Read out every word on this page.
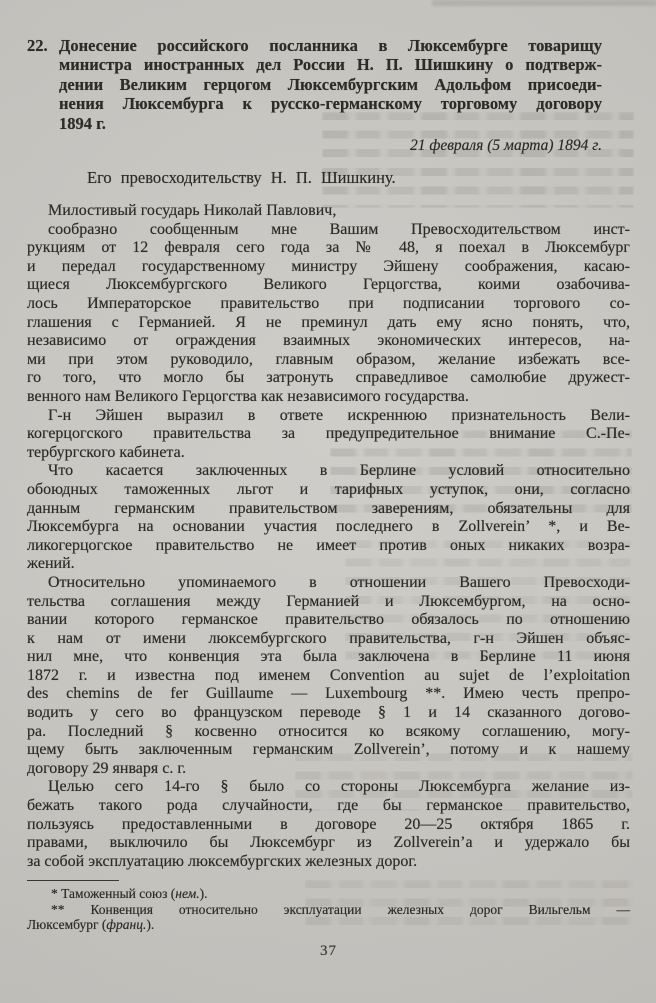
22. Донесение российского посланника в Люксембурге товарищу
министра иностранных дел России Н. П. Шишкину о подтверж-
дении Великим герцогом Люксембургским Адольфом присоеди-
нения Люксембурга к русско-германскому торговому договору
1894 г.
21 февраля (5 марта) 1894 г.
Его превосходительству Н. П. Шишкину.
Милостивый государь Николай Павлович,
сообразно сообщенным мне Вашим Превосходительством инст-
рукциям от 12 февраля сего года за № 48, я поехал в Люксембург
и передал государственному министру Эйшену соображения, касаю-
щиеся Люксембургского Великого Герцогства, коими озабочива-
лось Императорское правительство при подписании торгового со-
глашения с Германией. Я не преминул дать ему ясно понять, что,
независимо от ограждения взаимных экономических интересов, на-
ми при этом руководило, главным образом, желание избежать все-
го того, что могло бы затронуть справедливое самолюбие дружест-
венного нам Великого Герцогства как независимого государства.
Г-н Эйшен выразил в ответе искреннюю признательность Вели-
когерцогского правительства за предупредительное внимание С.-Пе-
тербургского кабинета.
Что касается заключенных в Берлине условий относительно
обоюдных таможенных льгот и тарифных уступок, они, согласно
данным германским правительством заверениям, обязательны для
Люксембурга на основании участия последнего в Zollverein’ *, и Ве-
ликогерцогское правительство не имеет против оных никаких возра-
жений.
Относительно упоминаемого в отношении Вашего Превосходи-
тельства соглашения между Германией и Люксембургом, на осно-
вании которого германское правительство обязалось по отношению
к нам от имени люксембургского правительства, г-н Эйшен объяс-
нил мне, что конвенция эта была заключена в Берлине 11 июня
1872 г. и известна под именем Convention au sujet de l’exploitation
des chemins de fer Guillaume — Luxembourg **. Имею честь препро-
водить у сего во французском переводе § 1 и 14 сказанного догово-
ра. Последний § косвенно относится ко всякому соглашению, могу-
щему быть заключенным германским Zollverein’, потому и к нашему
договору 29 января с. г.
Целью сего 14-го § было со стороны Люксембурга желание из-
бежать такого рода случайности, где бы германское правительство,
пользуясь предоставленными в договоре 20—25 октября 1865 г.
правами, выключило бы Люксембург из Zollverein’а и удержало бы
за собой эксплуатацию люксембургских железных дорог.
* Таможенный союз (нем.).
** Конвенция относительно эксплуатации железных дорог Вильгельм —
Люксембург (франц.).
37
